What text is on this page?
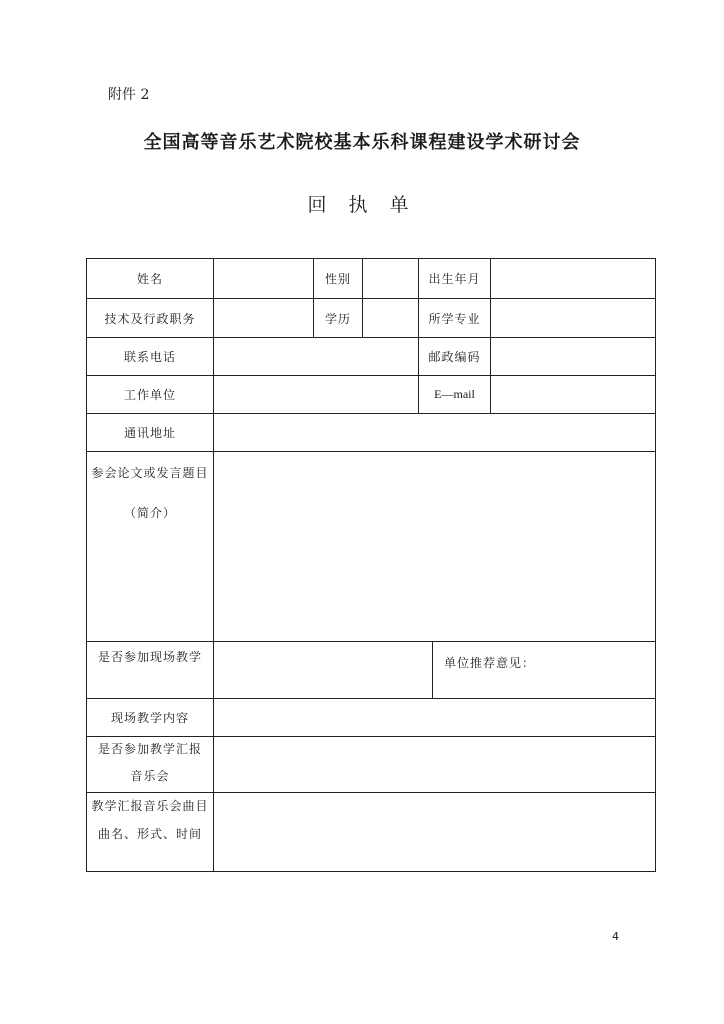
附件 2
全国高等音乐艺术院校基本乐科课程建设学术研讨会
回 执 单
姓名	性别	出生年月
技术及行政职务	学历	所学专业
联系电话	邮政编码
工作单位	E—mail
通讯地址
参会论文或发言题目
（简介）
是否参加现场教学	单位推荐意见：
现场教学内容
是否参加教学汇报
音乐会
教学汇报音乐会曲目
曲名、形式、时间
4
